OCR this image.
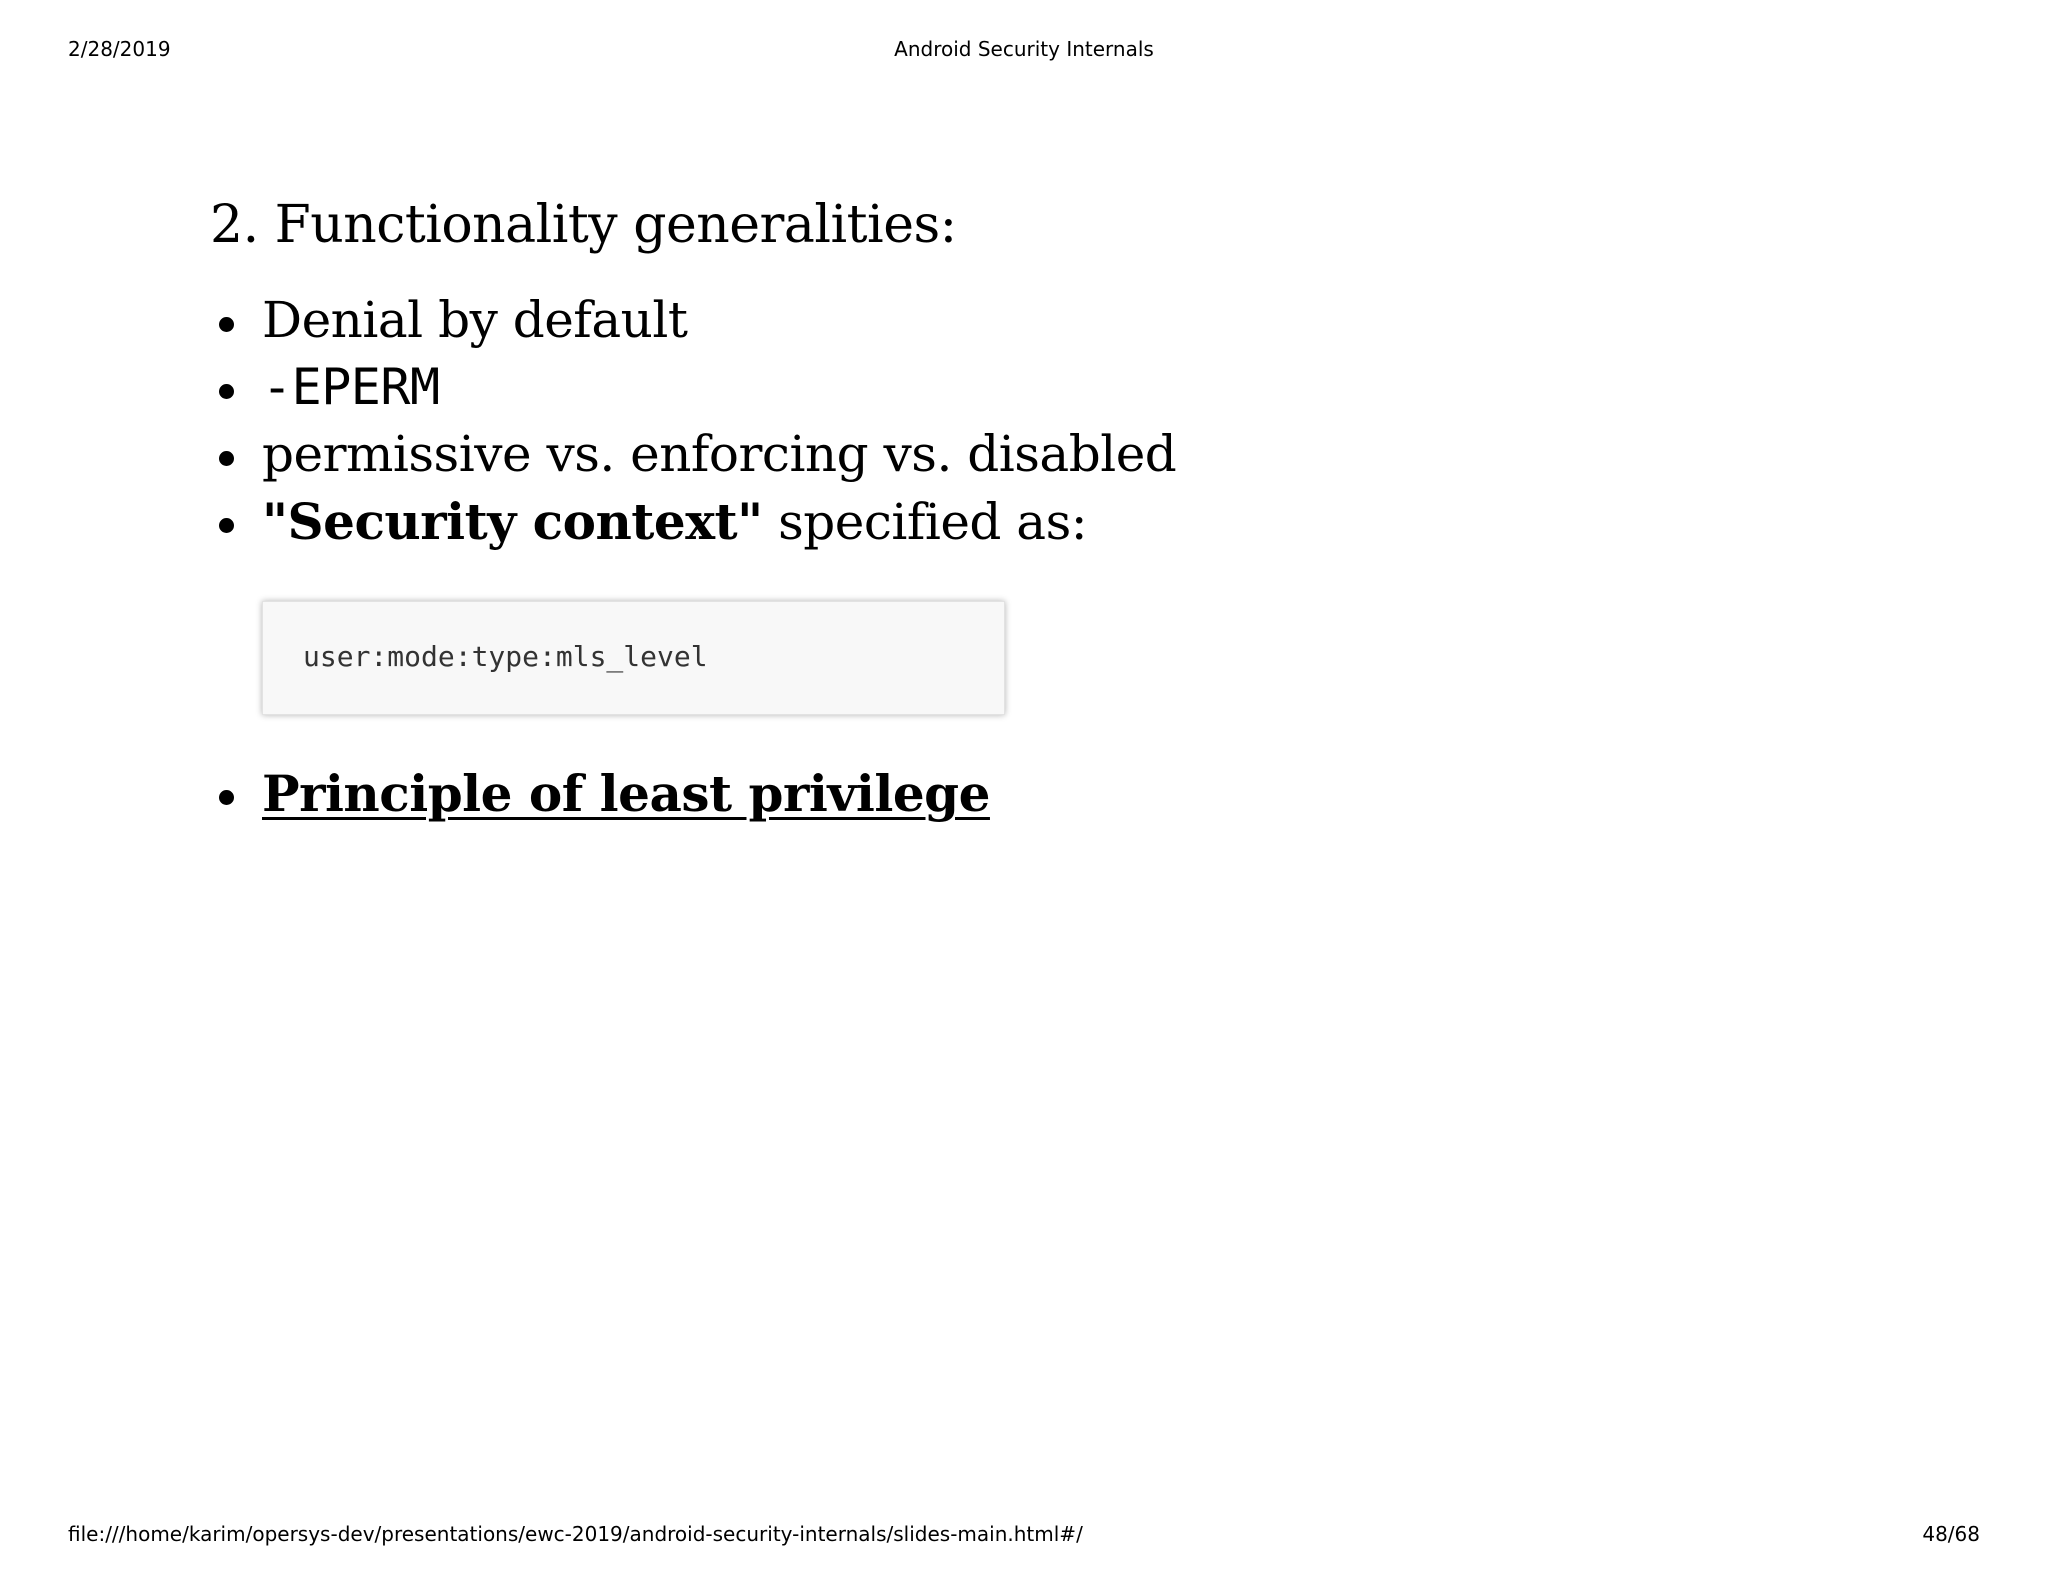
2/28/2019	Android Security Internals
2. Functionality generalities:
Denial by default
-EPERM
permissive vs. enforcing vs. disabled
"Security context" specified as:
user:mode:type:mls_level
Principle of least privilege
file:///home/karim/opersys-dev/presentations/ewc-2019/android-security-internals/slides-main.html#/	48/68
